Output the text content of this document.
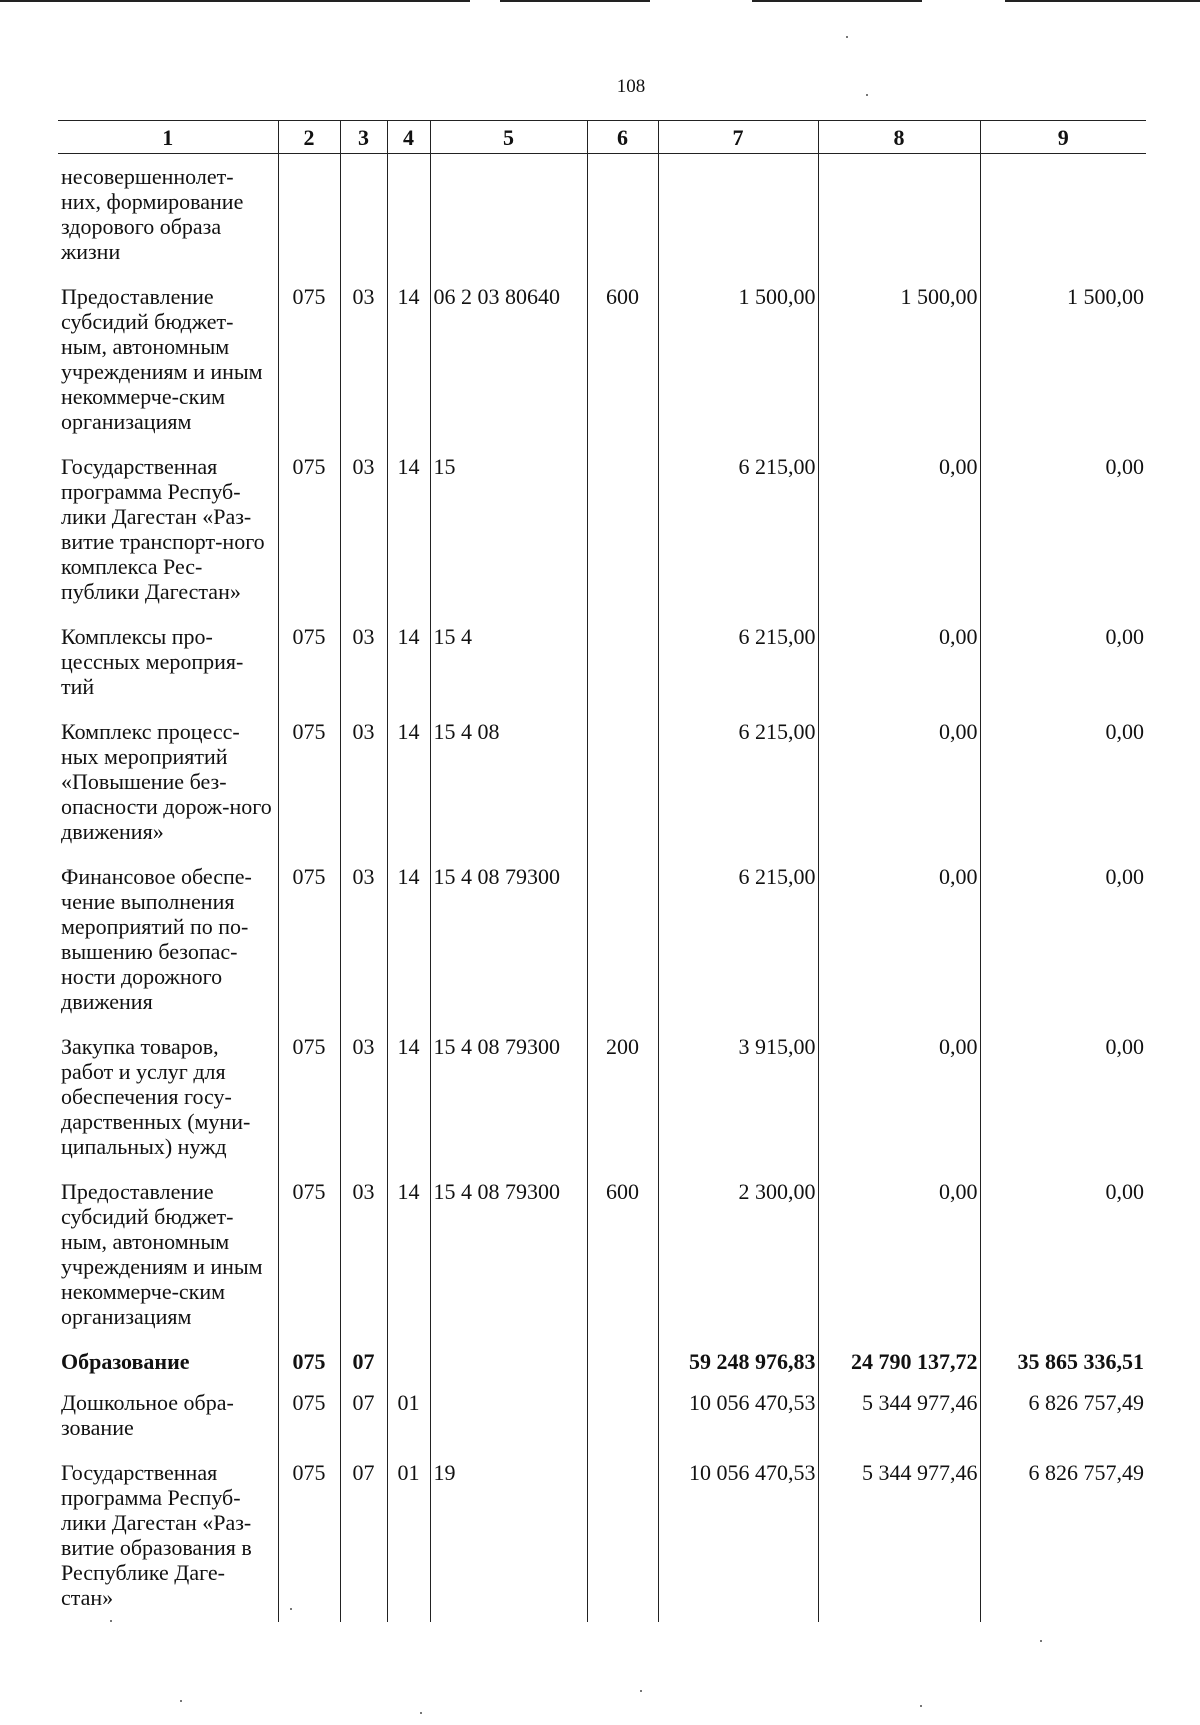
108
1	2	3	4	5	6	7	8	9
несовершеннолет-них, формирование здорового образа жизни								
Предоставление субсидий бюджет-ным, автономным учреждениям и иным некоммерче-ским организациям	075	03	14	06 2 03 80640	600	1 500,00	1 500,00	1 500,00
Государственная программа Респуб-лики Дагестан «Раз-витие транспорт-ного комплекса Рес-публики Дагестан»	075	03	14	15		6 215,00	0,00	0,00
Комплексы про-цессных мероприя-тий	075	03	14	15 4		6 215,00	0,00	0,00
Комплекс процесс-ных мероприятий «Повышение без-опасности дорож-ного движения»	075	03	14	15 4 08		6 215,00	0,00	0,00
Финансовое обеспе-чение выполнения мероприятий по по-вышению безопас-ности дорожного движения	075	03	14	15 4 08 79300		6 215,00	0,00	0,00
Закупка товаров, работ и услуг для обеспечения госу-дарственных (муни-ципальных) нужд	075	03	14	15 4 08 79300	200	3 915,00	0,00	0,00
Предоставление субсидий бюджет-ным, автономным учреждениям и иным некоммерче-ским организациям	075	03	14	15 4 08 79300	600	2 300,00	0,00	0,00
Образование	075	07				59 248 976,83	24 790 137,72	35 865 336,51
Дошкольное обра-зование	075	07	01			10 056 470,53	5 344 977,46	6 826 757,49
Государственная программа Респуб-лики Дагестан «Раз-витие образования в Республике Даге-стан»	075	07	01	19		10 056 470,53	5 344 977,46	6 826 757,49
